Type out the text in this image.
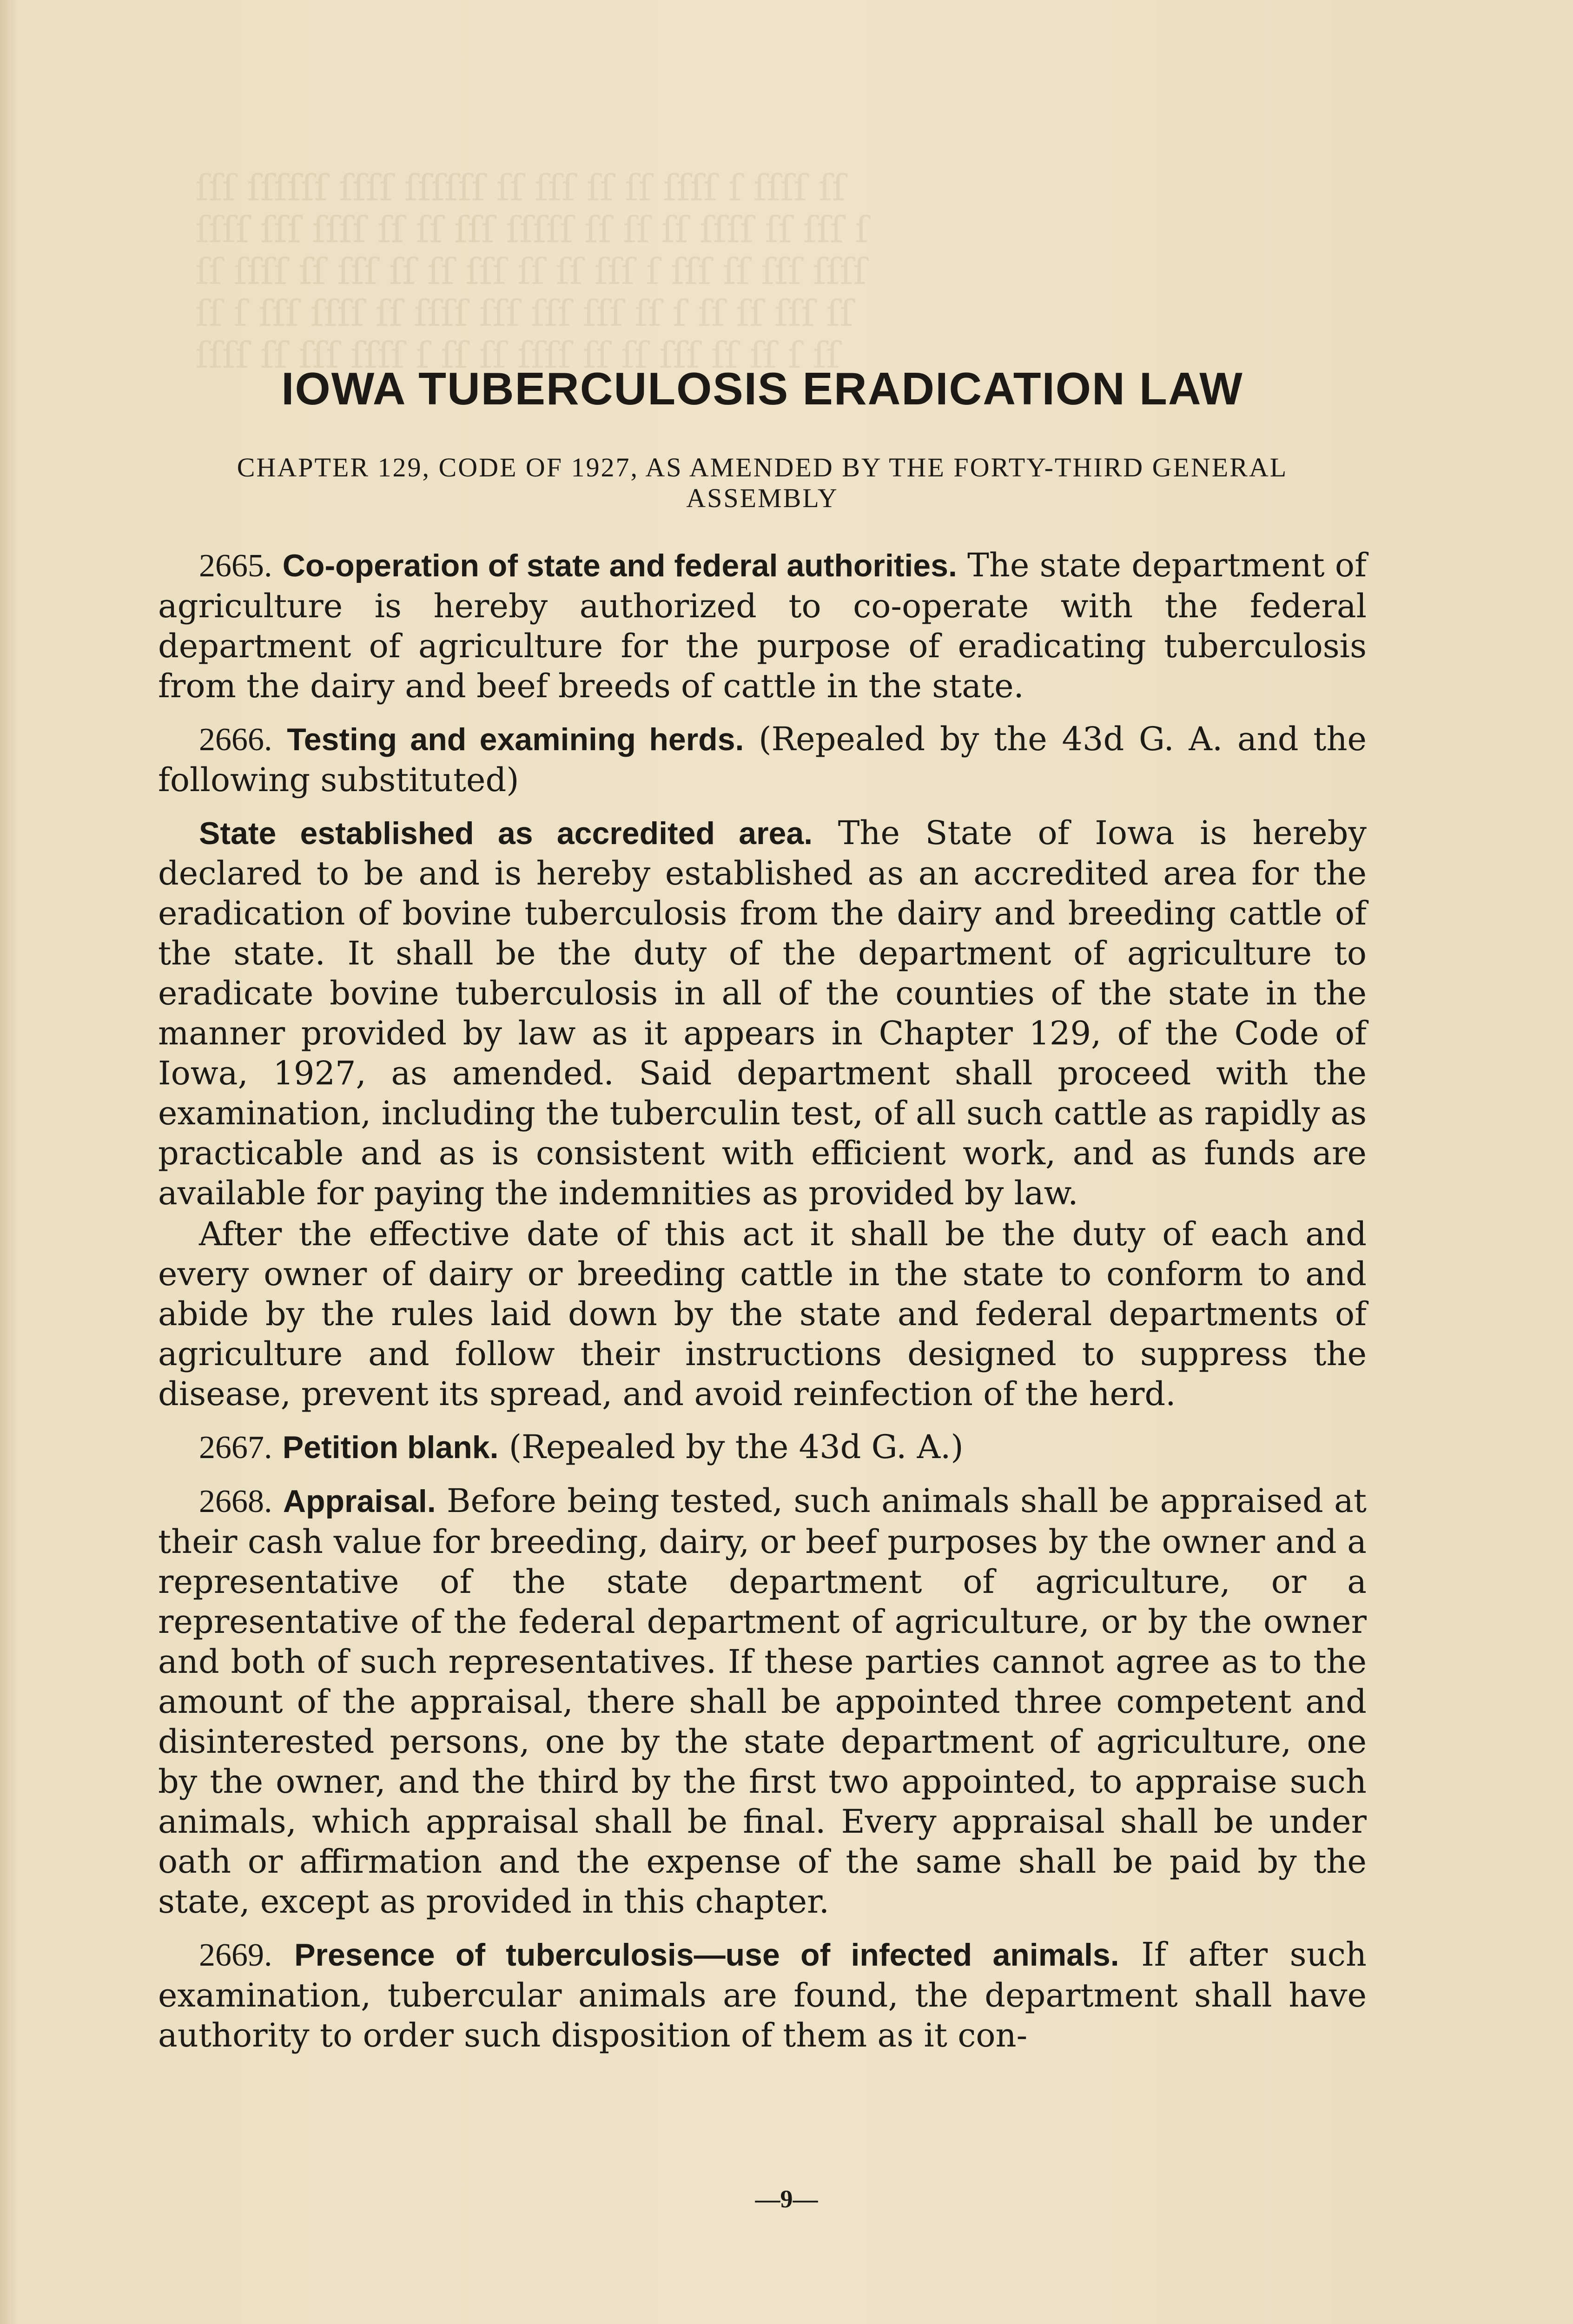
ſſſ ſſſſſſ ſſſſ ſſſſſſ ſſ ſſſ ſſ ſſ ſſſſ ſ ſſſſ ſſ
ſſſſ ſſſ ſſſſ ſſ ſſ ſſſ ſſſſſ ſſ ſſ ſſ ſſſſ ſſ ſſſ ſ
ſſ ſſſſ ſſ ſſſ ſſ ſſ ſſſ ſſ ſſ ſſſ ſ ſſſ ſſ ſſſ ſſſſ
ſſ ſ ſſſ ſſſſ ſſ ſſſſ ſſſ ſſſ ſſſ ſſ ſ ſſ ſſ ſſſ ſſ
ſſſſ ſſ ſſſ ſſſſ ſ ſſ ſſ ſſſſ ſſ ſſ ſſſ ſſ ſſ ſ ſſ
IOWA TUBERCULOSIS ERADICATION LAW
CHAPTER 129, CODE OF 1927, AS AMENDED BY THE FORTY-THIRD GENERAL ASSEMBLY

2665. Co-operation of state and federal authorities. The state department of agriculture is hereby authorized to co-operate with the federal department of agriculture for the purpose of eradicating tuberculosis from the dairy and beef breeds of cattle in the state.

2666. Testing and examining herds. (Repealed by the 43d G. A. and the following substituted)

State established as accredited area. The State of Iowa is hereby declared to be and is hereby established as an accredited area for the eradication of bovine tuberculosis from the dairy and breeding cattle of the state. It shall be the duty of the department of agriculture to eradicate bovine tuberculosis in all of the counties of the state in the manner provided by law as it appears in Chapter 129, of the Code of Iowa, 1927, as amended. Said department shall proceed with the examination, including the tuberculin test, of all such cattle as rapidly as practicable and as is consistent with efficient work, and as funds are available for paying the indemnities as provided by law.

After the effective date of this act it shall be the duty of each and every owner of dairy or breeding cattle in the state to conform to and abide by the rules laid down by the state and federal departments of agriculture and follow their instructions designed to suppress the disease, prevent its spread, and avoid reinfection of the herd.

2667. Petition blank. (Repealed by the 43d G. A.)

2668. Appraisal. Before being tested, such animals shall be appraised at their cash value for breeding, dairy, or beef purposes by the owner and a representative of the state department of agriculture, or a representative of the federal department of agriculture, or by the owner and both of such representatives. If these parties cannot agree as to the amount of the appraisal, there shall be appointed three competent and disinterested persons, one by the state department of agriculture, one by the owner, and the third by the first two appointed, to appraise such animals, which appraisal shall be final. Every appraisal shall be under oath or affirmation and the expense of the same shall be paid by the state, except as provided in this chapter.

2669. Presence of tuberculosis—use of infected animals. If after such examination, tubercular animals are found, the department shall have authority to order such disposition of them as it con-

—9—
